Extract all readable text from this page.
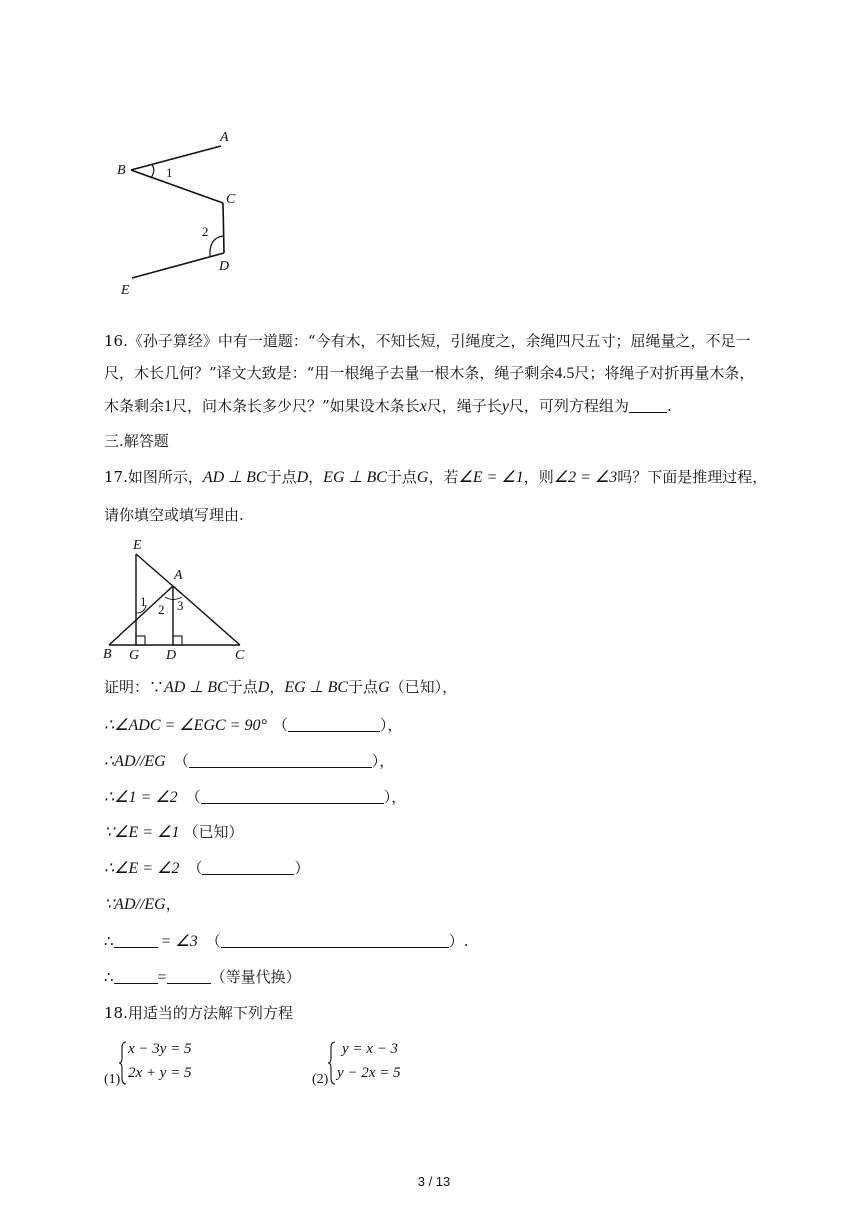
A
B	1
C
2
D
E
16.《孙子算经》中有一道题：“今有木，不知长短，引绳度之，余绳四尺五寸；屈绳量之，不足一
尺，木长几何？”译文大致是：“用一根绳子去量一根木条，绳子剩余4.5尺；将绳子对折再量木条，
木条剩余1尺，问木条长多少尺？”如果设木条长x尺，绳子长y尺，可列方程组为	.
三.解答题
17.如图所示，AD ⊥ BC于点D，EG ⊥ BC于点G，若∠E = ∠1，则∠2 = ∠3吗？下面是推理过程，
请你填空或填写理由.
E
A
1
2 3
B G D	C
证明：∵AD ⊥ BC于点D，EG ⊥ BC于点G（已知），
∴∠ADC = ∠EGC = 90° （	），
∴AD//EG （	），
∴∠1 = ∠2 （	），
∵∠E = ∠1 （已知）
∴∠E = ∠2 （	）
∵AD//EG，
∴	= ∠3 （	）.
∴	=	（等量代换）
18.用适当的方法解下列方程
(1)
x − 3y = 5
2x + y = 5	(2)
y = x − 3
y − 2x = 5
3 / 13
